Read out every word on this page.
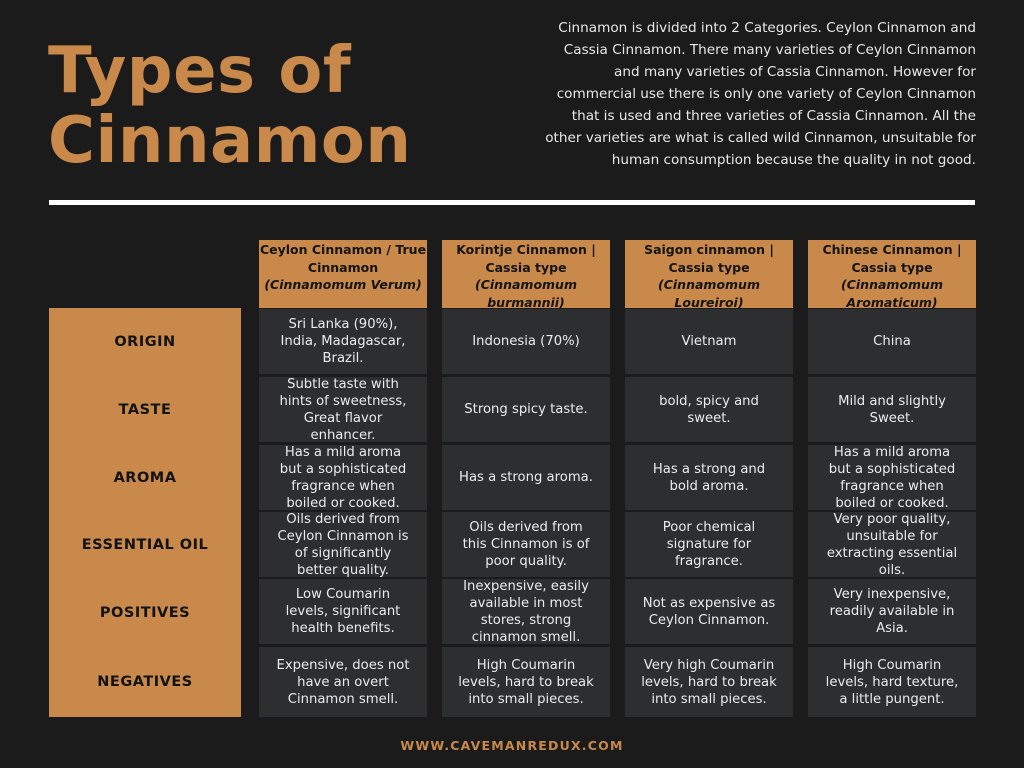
Types of
Cinnamon

Cinnamon is divided into 2 Categories. Ceylon Cinnamon and Cassia Cinnamon. There many varieties of Ceylon Cinnamon and many varieties of Cassia Cinnamon. However for commercial use there is only one variety of Ceylon Cinnamon that is used and three varieties of Cassia Cinnamon. All the other varieties are what is called wild Cinnamon, unsuitable for human consumption because the quality in not good.

ORIGIN
TASTE
AROMA
ESSENTIAL OIL
POSITIVES
NEGATIVES
Ceylon Cinnamon / True Cinnamon
(Cinnamomum Verum)
Sri Lanka (90%), India, Madagascar, Brazil.
Subtle taste with hints of sweetness, Great flavor enhancer.
Has a mild aroma but a sophisticated fragrance when boiled or cooked.
Oils derived from Ceylon Cinnamon is of significantly better quality.
Low Coumarin levels, significant health benefits.
Expensive, does not have an overt Cinnamon smell.
Korintje Cinnamon | Cassia type
(Cinnamomum burmannii)
Indonesia (70%)
Strong spicy taste.
Has a strong aroma.
Oils derived from this Cinnamon is of poor quality.
Inexpensive, easily available in most stores, strong cinnamon smell.
High Coumarin levels, hard to break into small pieces.
Saigon cinnamon | Cassia type
(Cinnamomum Loureiroi)
Vietnam
bold, spicy and sweet.
Has a strong and bold aroma.
Poor chemical signature for fragrance.
Not as expensive as Ceylon Cinnamon.
Very high Coumarin levels, hard to break into small pieces.
Chinese Cinnamon | Cassia type
(Cinnamomum Aromaticum)
China
Mild and slightly Sweet.
Has a mild aroma but a sophisticated fragrance when boiled or cooked.
Very poor quality, unsuitable for extracting essential oils.
Very inexpensive, readily available in Asia.
High Coumarin levels, hard texture, a little pungent.

WWW.CAVEMANREDUX.COM
